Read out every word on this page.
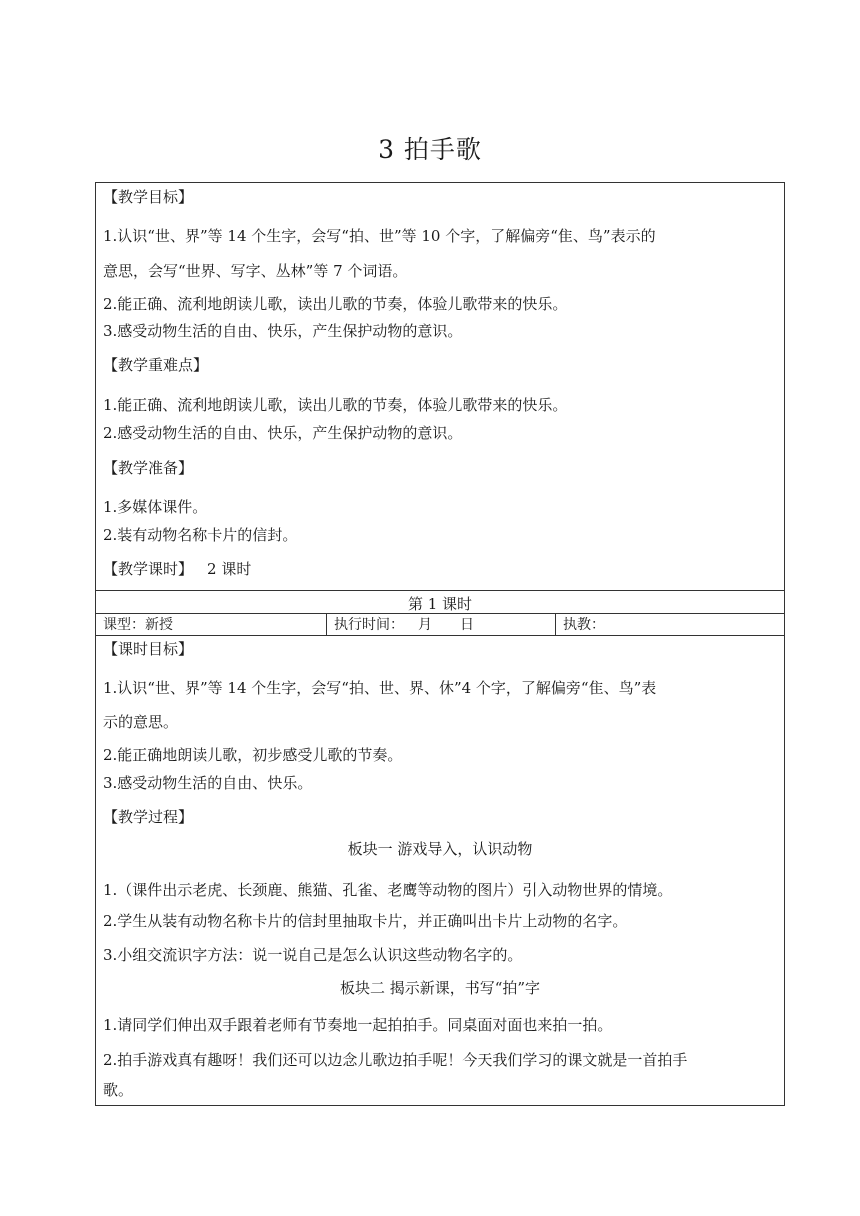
3 拍手歌
【教学目标】
1.认识“世、界”等 14 个生字，会写“拍、世”等 10 个字，了解偏旁“隹、鸟”表示的
意思，会写“世界、写字、丛林”等 7 个词语。
2.能正确、流利地朗读儿歌，读出儿歌的节奏，体验儿歌带来的快乐。
3.感受动物生活的自由、快乐，产生保护动物的意识。
【教学重难点】
1.能正确、流利地朗读儿歌，读出儿歌的节奏，体验儿歌带来的快乐。
2.感受动物生活的自由、快乐，产生保护动物的意识。
【教学准备】
1.多媒体课件。
2.装有动物名称卡片的信封。
【教学课时】 2 课时
第 1 课时
课型：新授	执行时间： 月 日	执教：
【课时目标】
1.认识“世、界”等 14 个生字，会写“拍、世、界、休”4 个字，了解偏旁“隹、鸟”表
示的意思。
2.能正确地朗读儿歌，初步感受儿歌的节奏。
3.感受动物生活的自由、快乐。
【教学过程】
板块一 游戏导入，认识动物
1.（课件出示老虎、长颈鹿、熊猫、孔雀、老鹰等动物的图片）引入动物世界的情境。
2.学生从装有动物名称卡片的信封里抽取卡片，并正确叫出卡片上动物的名字。
3.小组交流识字方法：说一说自己是怎么认识这些动物名字的。
板块二 揭示新课，书写“拍”字
1.请同学们伸出双手跟着老师有节奏地一起拍拍手。同桌面对面也来拍一拍。
2.拍手游戏真有趣呀！我们还可以边念儿歌边拍手呢！今天我们学习的课文就是一首拍手
歌。
